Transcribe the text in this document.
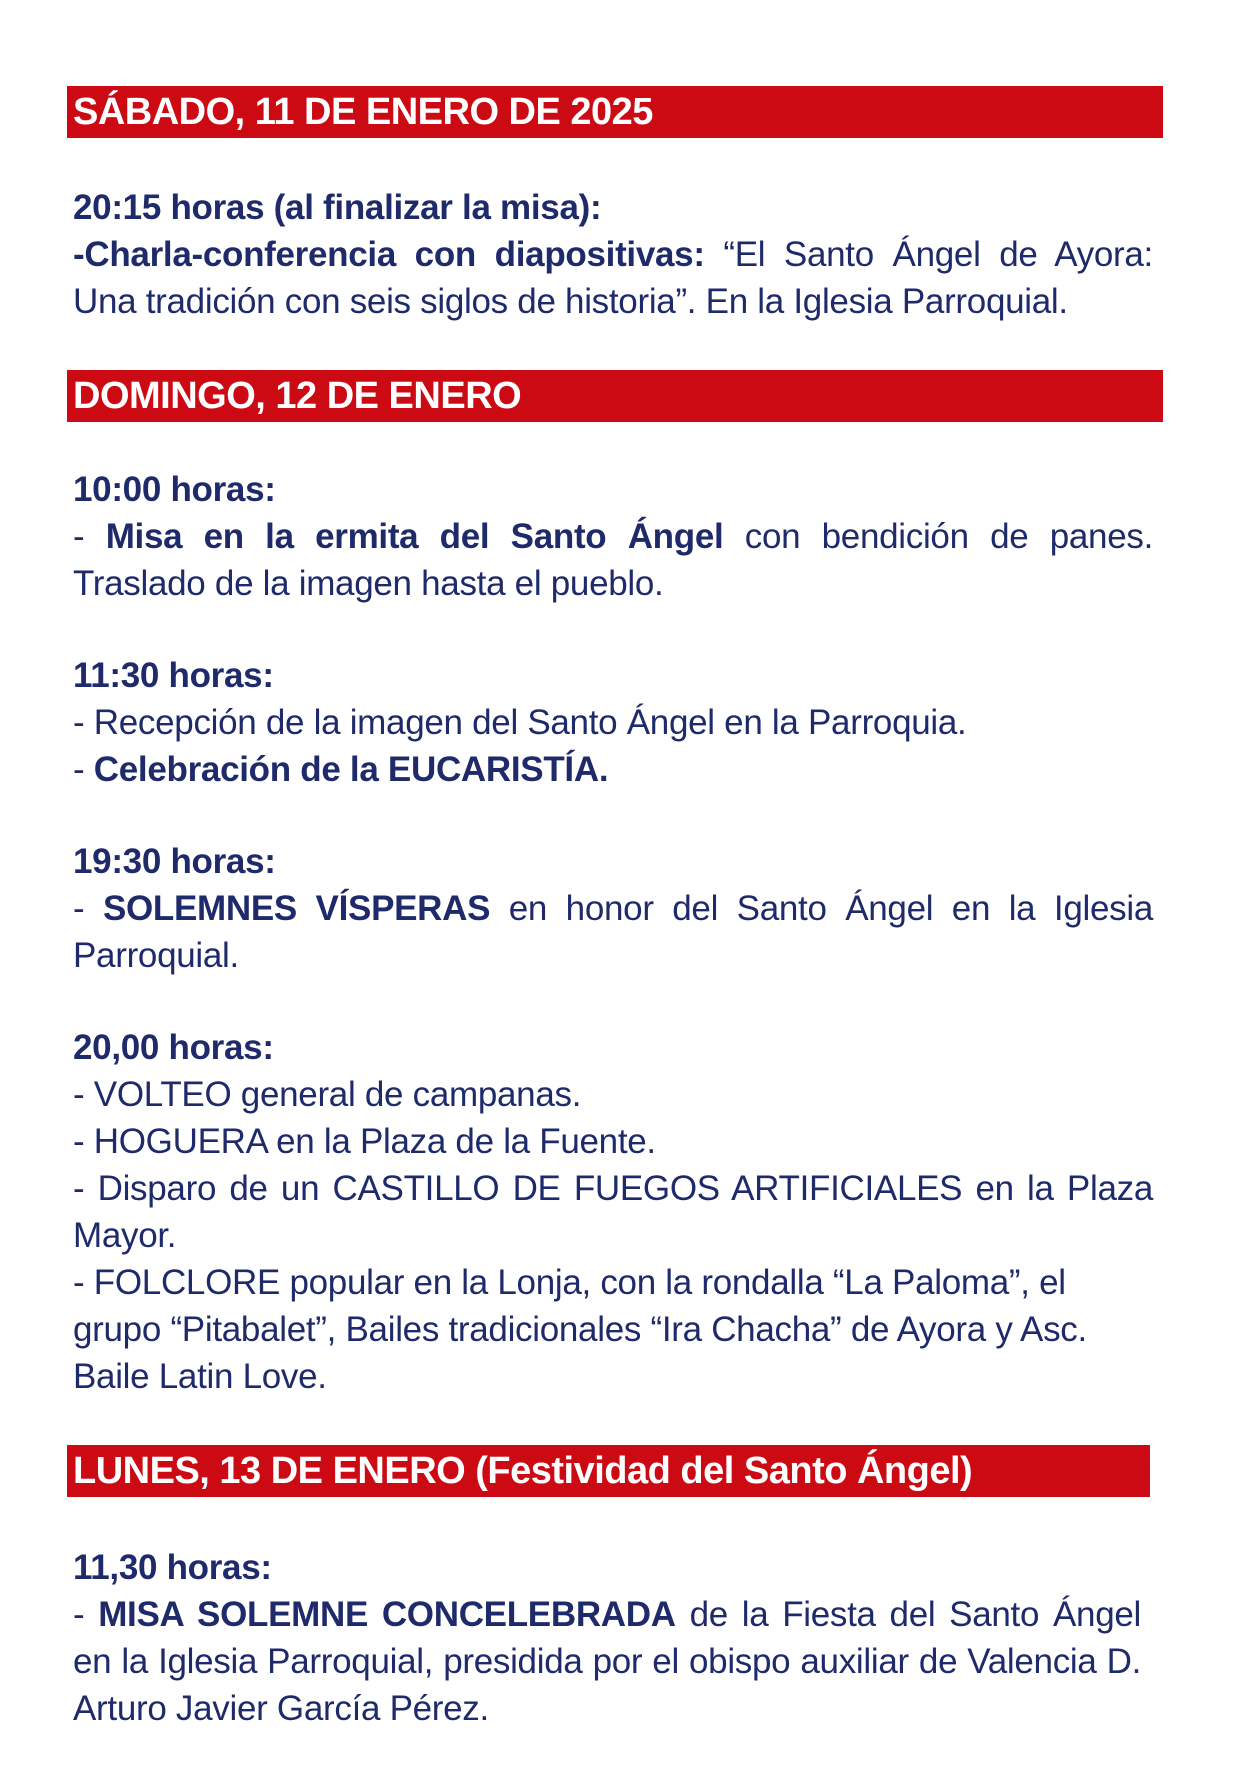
SÁBADO, 11 DE ENERO DE 2025

20:15 horas (al finalizar la misa):

-Charla-conferencia con diapositivas: “El Santo Ángel de Ayora: Una tradición con seis siglos de historia”. En la Iglesia Parroquial.

DOMINGO, 12 DE ENERO

10:00 horas:

- Misa en la ermita del Santo Ángel con bendición de panes. Traslado de la imagen hasta el pueblo.

11:30 horas:

- Recepción de la imagen del Santo Ángel en la Parroquia.

- Celebración de la EUCARISTÍA.

19:30 horas:

- SOLEMNES VÍSPERAS en honor del Santo Ángel en la Iglesia Parroquial.

20,00 horas:

- VOLTEO general de campanas.

- HOGUERA en la Plaza de la Fuente.

- Disparo de un CASTILLO DE FUEGOS ARTIFICIALES en la Plaza Mayor.

- FOLCLORE popular en la Lonja, con la rondalla “La Paloma”, el grupo “Pitabalet”, Bailes tradicionales “Ira Chacha” de Ayora y Asc. Baile Latin Love.

LUNES, 13 DE ENERO (Festividad del Santo Ángel)

11,30 horas:

- MISA SOLEMNE CONCELEBRADA de la Fiesta del Santo Ángel en la Iglesia Parroquial, presidida por el obispo auxiliar de Valencia D. Arturo Javier García Pérez.
